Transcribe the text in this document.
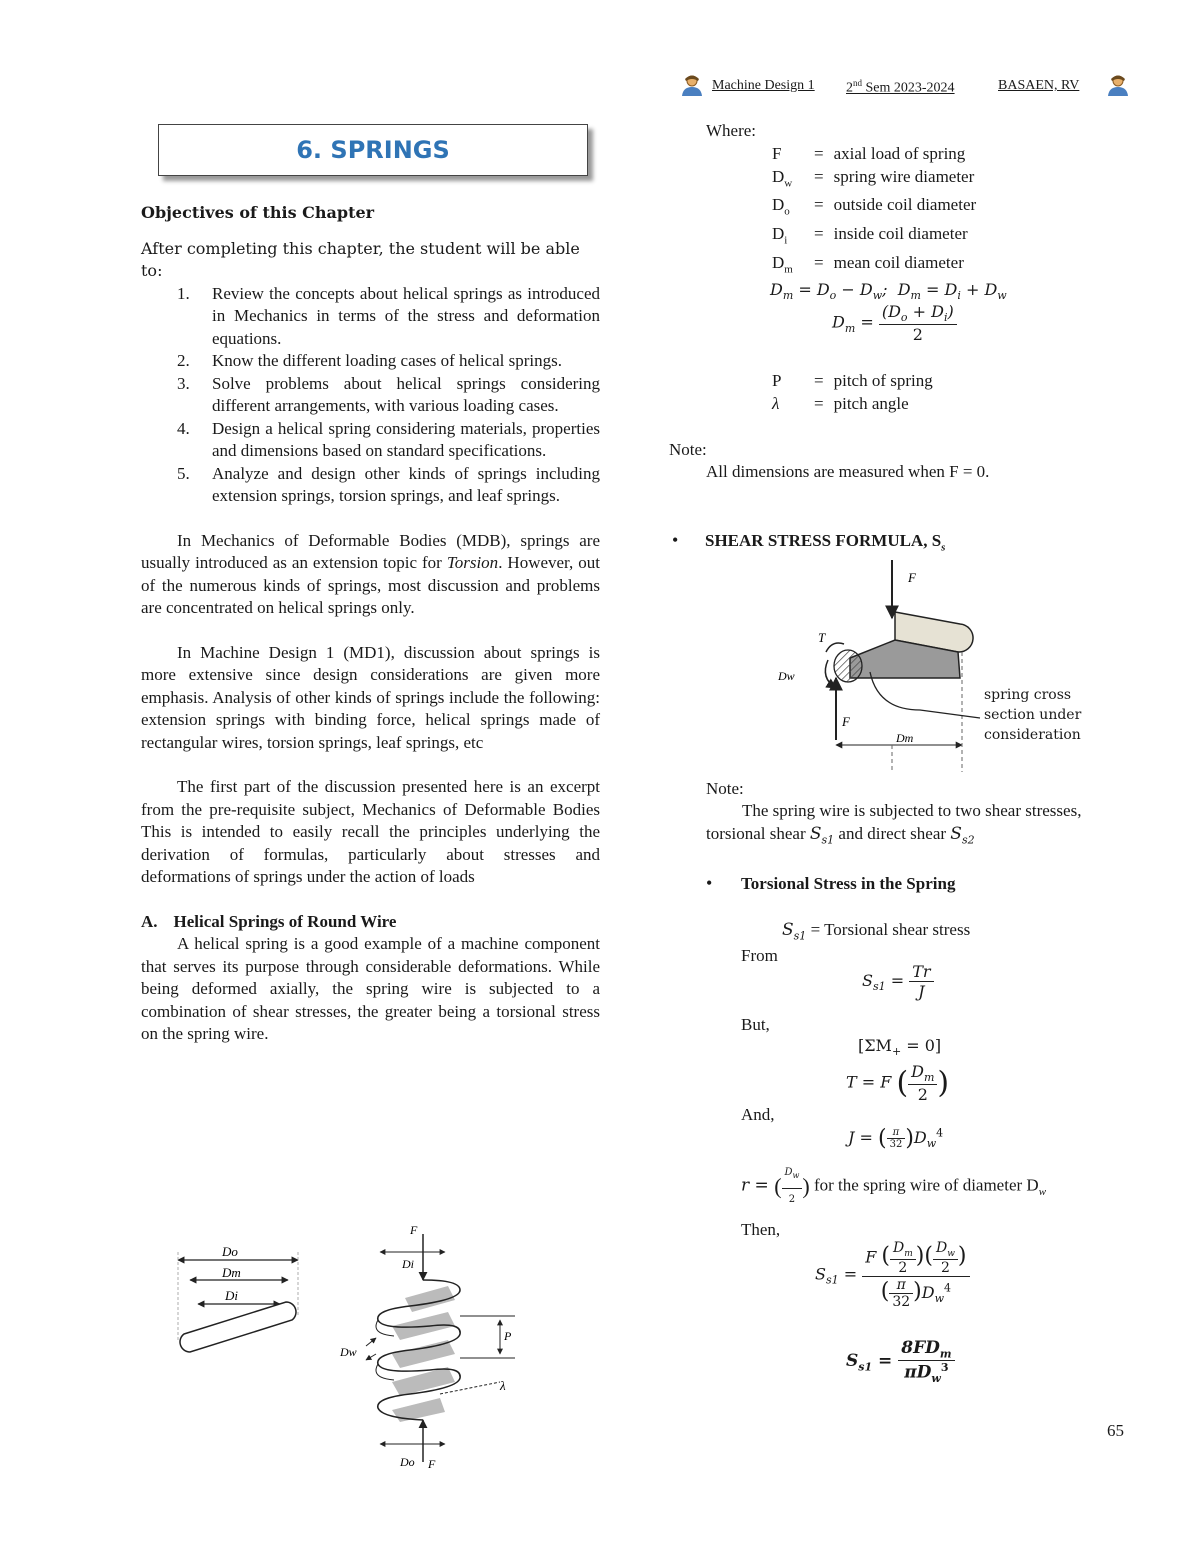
Machine Design 1 2nd Sem 2023-2024	BASAEN, RV
6. SPRINGS
Objectives of this Chapter
After completing this chapter, the student will be able to:
1. Review the concepts about helical springs as introduced in Mechanics in terms of the stress and deformation equations.
2. Know the different loading cases of helical springs.
3. Solve problems about helical springs considering different arrangements, with various loading cases.
4. Design a helical spring considering materials, properties and dimensions based on standard specifications.
5. Analyze and design other kinds of springs including extension springs, torsion springs, and leaf springs.

In Mechanics of Deformable Bodies (MDB), springs are usually introduced as an extension topic for Torsion. However, out of the numerous kinds of springs, most discussion and problems are concentrated on helical springs only.

In Machine Design 1 (MD1), discussion about springs is more extensive since design considerations are given more emphasis. Analysis of other kinds of springs include the following: extension springs with binding force, helical springs made of rectangular wires, torsion springs, leaf springs, etc

The first part of the discussion presented here is an excerpt from the pre-requisite subject, Mechanics of Deformable Bodies This is intended to easily recall the principles underlying the derivation of formulas, particularly about stresses and deformations of springs under the action of loads

A. Helical Springs of Round Wire

A helical spring is a good example of a machine component that serves its purpose through considerable deformations. While being deformed axially, the spring wire is subjected to a combination of shear stresses, the greater being a torsional stress on the spring wire.

Do
Dm
Di
F
Di
Dw
P
λ
Do F
Where:
F	=	axial load of spring
$D_w$	=	spring wire diameter
$D_o$	=	outside coil diameter
$D_i$	=	inside coil diameter
$D_m$	=	mean coil diameter
$D_m = D_o - D_w$;  $D_m = D_i + D_w$
$D_m = \frac{(D_o + D_i)}{2}$
P	=	pitch of spring
λ	=	pitch angle
Note:
All dimensions are measured when F = 0.
• SHEAR STRESS FORMULA, $S_s$
F
T
Dw
F
Dm
spring cross section under consideration
Note:
The spring wire is subjected to two shear stresses, torsional shear $S_{s1}$ and direct shear $S_{s2}$
• Torsional Stress in the Spring
$S_{s1}$ = Torsional shear stress
From
$S_{s1} = \frac{Tr}{J}$
But,
$[\Sigma M_+ = 0]$
T = F ( $\frac{D_m}{2}$ )
And,
J = ( $\frac{\pi}{32} )D_w^4$
r = ( $\frac{D_w}{2}$ ) for the spring wire of diameter $D_w$
Then,
$S_{s1} = \frac{F ( \frac{D_m}{2} )( \frac{D_w}{2} )}{( \frac{\pi}{32} )D_w^4}$
$S_{s1} = \frac{8FD_m}{\pi D_w^3}$
65
